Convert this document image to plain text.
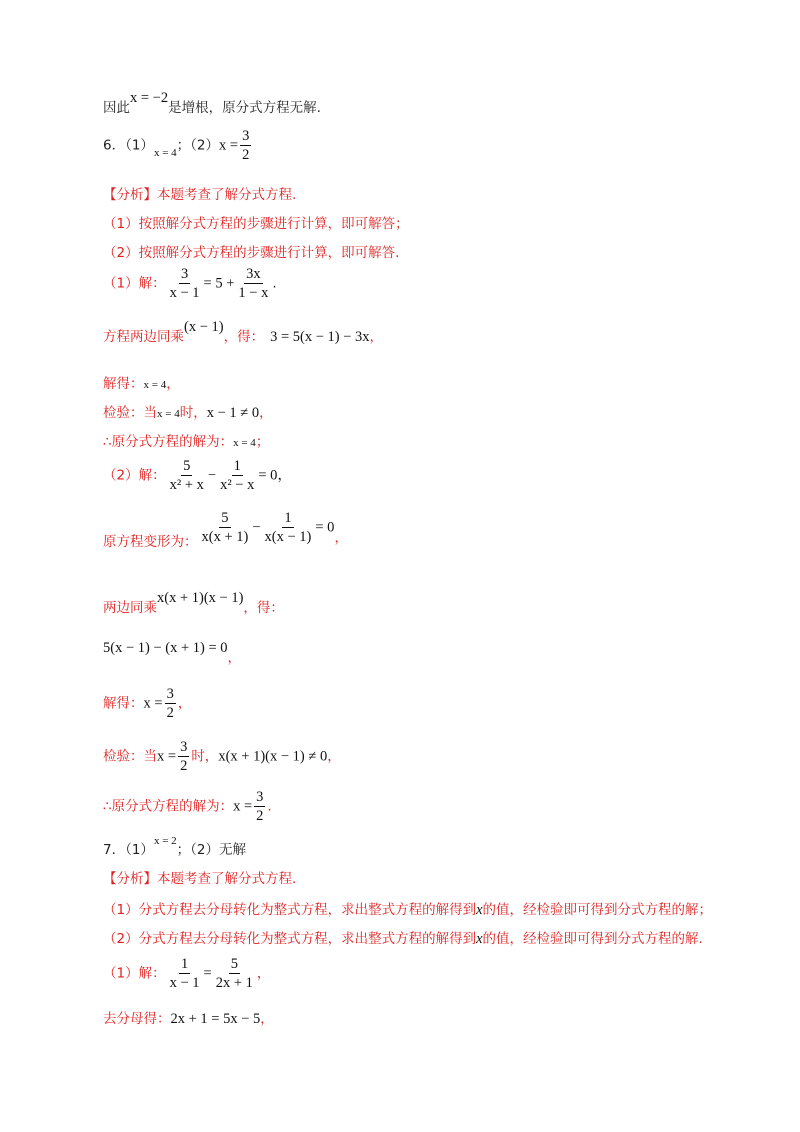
因此x = −2是增根，原分式方程无解.
6．$(1)_{x = 4}$；$(2)x = \frac{3}{2}$
【分析】本题考查了解分式方程.
（1）按照解分式方程的步骤进行计算，即可解答；
（2）按照解分式方程的步骤进行计算，即可解答.
（1）解： $\frac{3}{x - 1} = 5 + \frac{3x}{1 - x}$ .
方程两边同乘(x − 1)，得： 3 = 5(x − 1) − 3x，
解得：x = 4，
检验：当x = 4时，x − 1 ≠ 0，
∴原分式方程的解为：x = 4；
（2）解： $\frac{5}{\text{x² + x}} - \frac{1}{\text{x² − x}} = 0$，
原方程变形为： $\frac{5}{x(x + 1)} - \frac{1}{x(x - 1)} = 0$，
两边同乘x(x + 1)(x − 1)，得：
5(x − 1) − (x + 1) = 0，
解得：$x = \frac{3}{2}$ ，
检验：当$x = \frac{3}{2}$ 时，x(x + 1)(x − 1) ≠ 0，
∴原分式方程的解为：$x = \frac{3}{2}$ .
7．$(1)^{x = 2}$；（2）无解
【分析】本题考查了解分式方程.
（1）分式方程去分母转化为整式方程，求出整式方程的解得到x的值，经检验即可得到分式方程的解；
（2）分式方程去分母转化为整式方程，求出整式方程的解得到x的值，经检验即可得到分式方程的解.
（1）解： $\frac{1}{x - 1} = \frac{5}{2x + 1}$ ，
去分母得：2x + 1 = 5x − 5，
